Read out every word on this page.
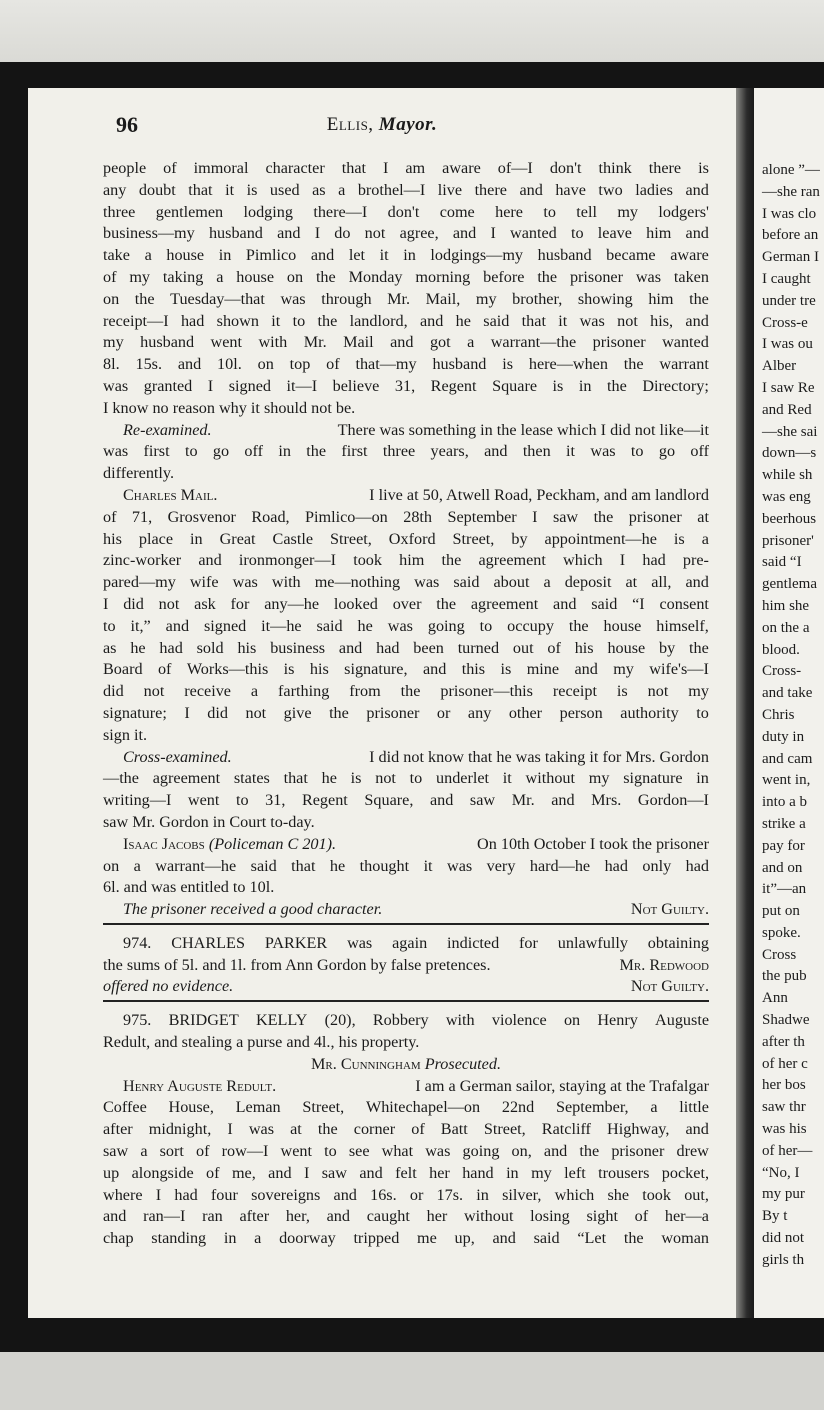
alone ”—
—she ran
I was clo
before an
German I
I caught
under tre
Cross-e
I was ou
Alber
I saw Re
and Red
—she sai
down—s
while sh
was eng
beerhous
prisoner'
said “I
gentlema
him she
on the a
blood.
Cross-
and take
Chris
duty in
and cam
went in,
into a b
strike a
pay for
and on
it”—an
put on
spoke.
Cross
the pub
Ann
Shadwe
after th
of her c
her bos
saw thr
was his
of her—
“No, I
my pur
By t
did not
girls th
96	Ellis, Mayor.
people of immoral character that I am aware of—I don't think there is
any doubt that it is used as a brothel—I live there and have two ladies and
three gentlemen lodging there—I don't come here to tell my lodgers'
business—my husband and I do not agree, and I wanted to leave him and
take a house in Pimlico and let it in lodgings—my husband became aware
of my taking a house on the Monday morning before the prisoner was taken
on the Tuesday—that was through Mr. Mail, my brother, showing him the
receipt—I had shown it to the landlord, and he said that it was not his, and
my husband went with Mr. Mail and got a warrant—the prisoner wanted
8l. 15s. and 10l. on top of that—my husband is here—when the warrant
was granted I signed it—I believe 31, Regent Square is in the Directory;
I know no reason why it should not be.
Re-examined.	There was something in the lease which I did not like—it
was first to go off in the first three years, and then it was to go off
differently.
Charles Mail.	I live at 50, Atwell Road, Peckham, and am landlord
of 71, Grosvenor Road, Pimlico—on 28th September I saw the prisoner at
his place in Great Castle Street, Oxford Street, by appointment—he is a
zinc-worker and ironmonger—I took him the agreement which I had pre-
pared—my wife was with me—nothing was said about a deposit at all, and
I did not ask for any—he looked over the agreement and said “I consent
to it,” and signed it—he said he was going to occupy the house himself,
as he had sold his business and had been turned out of his house by the
Board of Works—this is his signature, and this is mine and my wife's—I
did not receive a farthing from the prisoner—this receipt is not my
signature; I did not give the prisoner or any other person authority to
sign it.
Cross-examined.	I did not know that he was taking it for Mrs. Gordon
—the agreement states that he is not to underlet it without my signature in
writing—I went to 31, Regent Square, and saw Mr. and Mrs. Gordon—I
saw Mr. Gordon in Court to-day.
Isaac Jacobs (Policeman C 201).	On 10th October I took the prisoner
on a warrant—he said that he thought it was very hard—he had only had
6l. and was entitled to 10l.
The prisoner received a good character.	Not Guilty.
974. CHARLES PARKER was again indicted for unlawfully obtaining
the sums of 5l. and 1l. from Ann Gordon by false pretences.	Mr. Redwood
offered no evidence.	Not Guilty.
975. BRIDGET KELLY (20), Robbery with violence on Henry Auguste
Redult, and stealing a purse and 4l., his property.
Mr. Cunningham
Prosecuted.
Henry Auguste Redult.	I am a German sailor, staying at the Trafalgar
Coffee House, Leman Street, Whitechapel—on 22nd September, a little
after midnight, I was at the corner of Batt Street, Ratcliff Highway, and
saw a sort of row—I went to see what was going on, and the prisoner drew
up alongside of me, and I saw and felt her hand in my left trousers pocket,
where I had four sovereigns and 16s. or 17s. in silver, which she took out,
and ran—I ran after her, and caught her without losing sight of her—a
chap standing in a doorway tripped me up, and said “Let the woman
